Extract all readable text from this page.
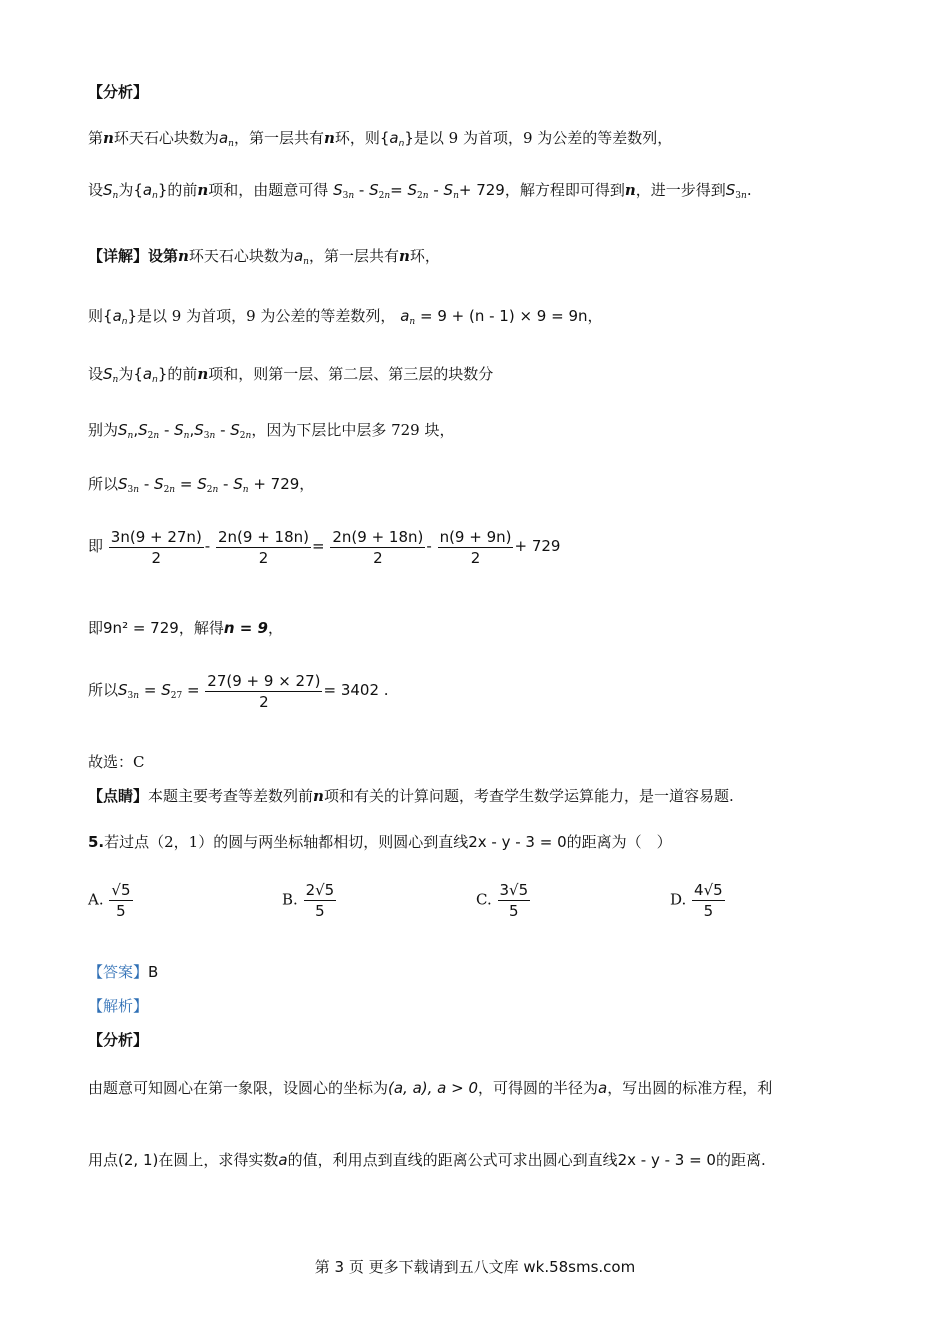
【分析】
第n环天石心块数为$a_n$，第一层共有n环，则$\{a_n\}$是以 9 为首项，9 为公差的等差数列，
设$S_n$为$\{a_n\}$的前n项和，由题意可得 $S_{3n} - S_{2n}= S_{2n} - S_n+ 729$，解方程即可得到n，进一步得到$S_{3n}$.
【详解】设第n环天石心块数为$a_n$，第一层共有n环，
则$\{a_n\}$是以 9 为首项，9 为公差的等差数列， $a_n = 9 + (n - 1) \times 9 = 9n$，
设$S_n$为$\{a_n\}$的前n项和，则第一层、第二层、第三层的块数分
别为$S_n,S_{2n} - S_n,S_{3n} - S_{2n}$，因为下层比中层多 729 块，
所以$S_{3n} - S_{2n} = S_{2n} - S_n + 729$，
即 $\frac{3n(9 + 27n)}{2} - \frac{2n(9 + 18n)}{2} = \frac{2n(9 + 18n)}{2} - \frac{n(9 + 9n)}{2} + 729$
即9n² = 729，解得n = 9，
所以$S_{3n} = S_{27} = \frac{27(9 + 9 \times 27)}{2} = 3402$ .
故选：C
【点睛】本题主要考查等差数列前n项和有关的计算问题，考查学生数学运算能力，是一道容易题.
5.若过点（2，1）的圆与两坐标轴都相切，则圆心到直线2x - y - 3 = 0的距离为（　）
A. $\frac{√5}{5}$	B. $\frac{2√5}{5}$	C. $\frac{3√5}{5}$	D. $\frac{4√5}{5}$
【答案】B
【解析】
【分析】
由题意可知圆心在第一象限，设圆心的坐标为(a, a), a > 0，可得圆的半径为a，写出圆的标准方程，利
用点(2, 1)在圆上，求得实数a的值，利用点到直线的距离公式可求出圆心到直线2x - y - 3 = 0的距离.
第 3 页 更多下载请到五八文库 wk.58sms.com
